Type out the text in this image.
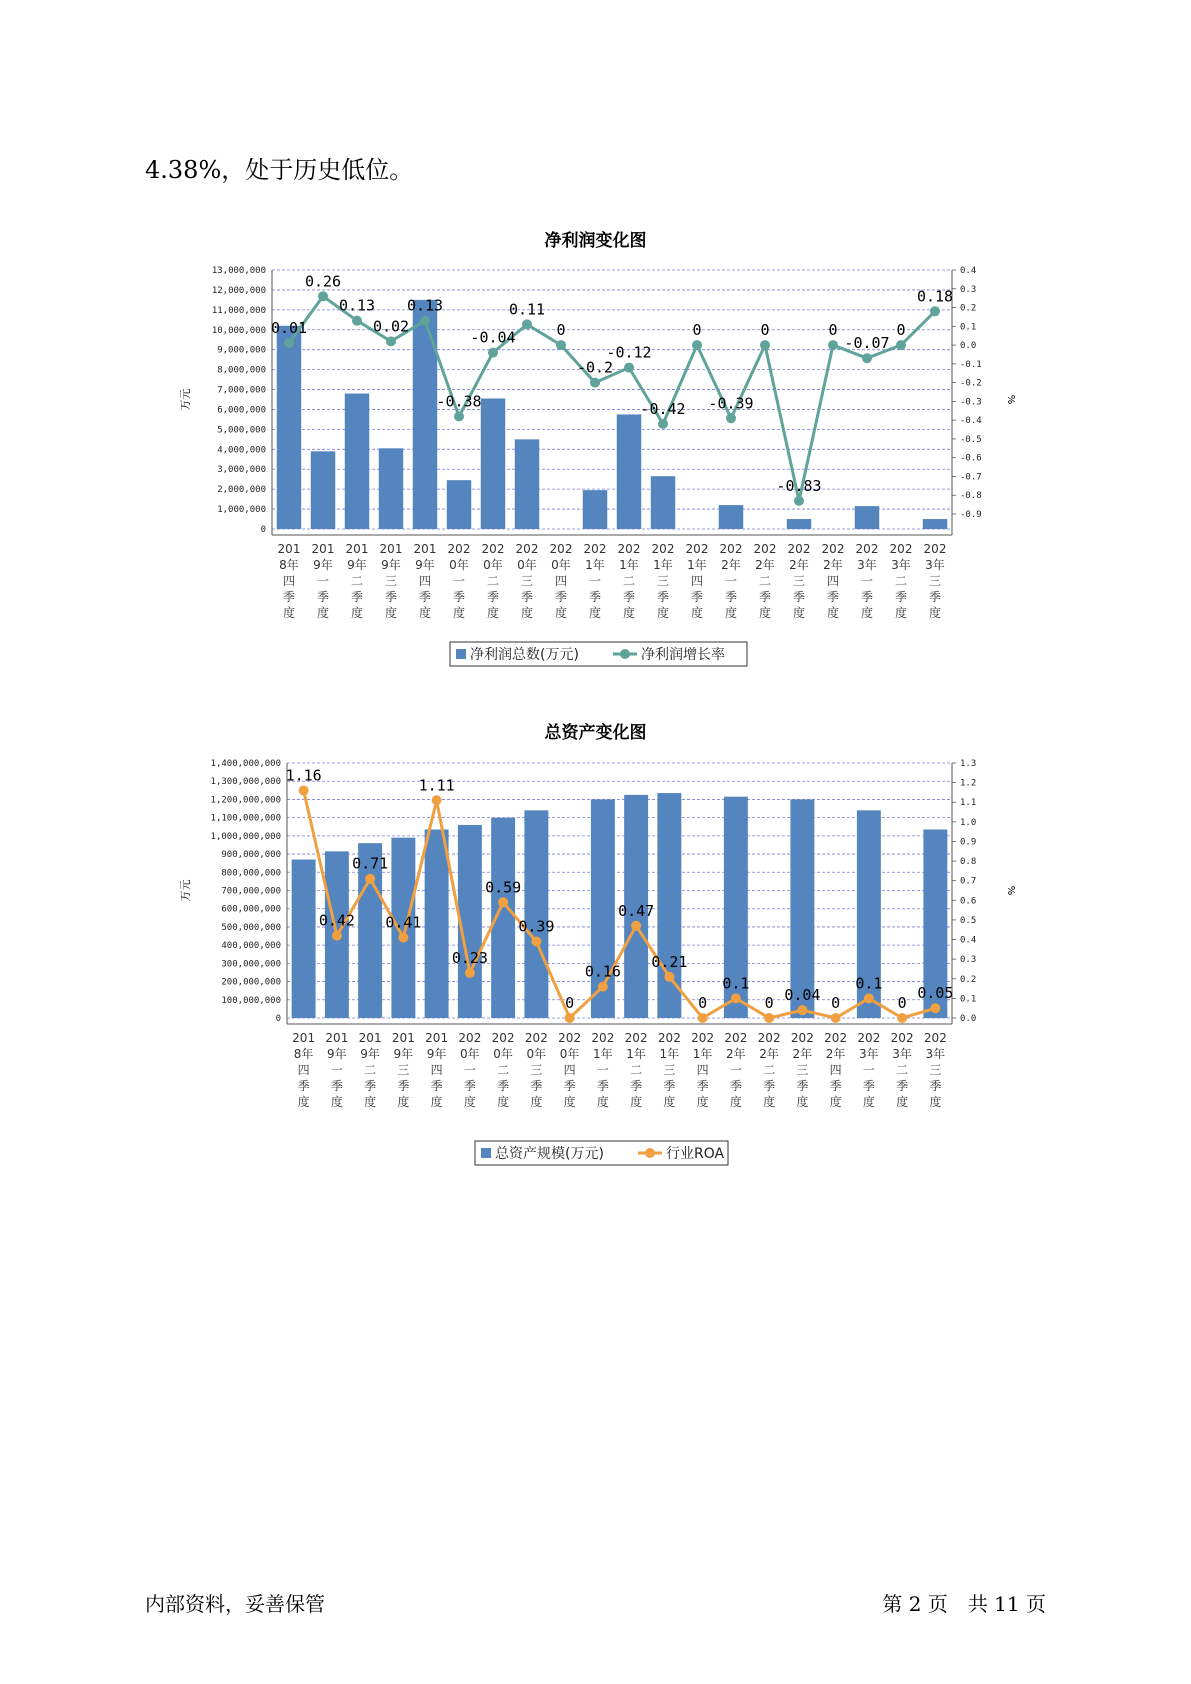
4.38%，处于历史低位。
净利润变化图
0
1,000,000
2,000,000
3,000,000
4,000,000
5,000,000
6,000,000
7,000,000
8,000,000
9,000,000
10,000,000
11,000,000
12,000,000
13,000,000	0.4
0.3
0.2
0.1
0.0
-0.1
-0.2
-0.3
-0.4
-0.5
-0.6
-0.7
-0.8
-0.9
万元	%
201
8年
四
季
度
201
9年
一
季
度
201
9年
二
季
度
201
9年
三
季
度
201
9年
四
季
度
202
0年
一
季
度
202
0年
二
季
度
202
0年
三
季
度
202
0年
四
季
度
202
1年
一
季
度
202
1年
二
季
度
202
1年
三
季
度
202
1年
四
季
度
202
2年
一
季
度
202
2年
二
季
度
202
2年
三
季
度
202
2年
四
季
度
202
3年
一
季
度
202
3年
二
季
度
202
3年
三
季
度
0.01
0.26
0.13
0.02
0.13
-0.38
-0.04
0.11
0
-0.2
-0.12
-0.42
0
-0.39
0
-0.83
0
-0.07
0
0.18
净利润总数(万元)	净利润增长率
总资产变化图
0
100,000,000
200,000,000
300,000,000
400,000,000
500,000,000
600,000,000
700,000,000
800,000,000
900,000,000
1,000,000,000
1,100,000,000
1,200,000,000
1,300,000,000
1,400,000,000
0.0
0.1
0.2
0.3
0.4
0.5
0.6
0.7
0.8
0.9
1.0
1.1
1.2
1.3
万元	%
201
8年
四
季
度
201
9年
一
季
度
201
9年
二
季
度
201
9年
三
季
度
201
9年
四
季
度
202
0年
一
季
度
202
0年
二
季
度
202
0年
三
季
度
202
0年
四
季
度
202
1年
一
季
度
202
1年
二
季
度
202
1年
三
季
度
202
1年
四
季
度
202
2年
一
季
度
202
2年
二
季
度
202
2年
三
季
度
202
2年
四
季
度
202
3年
一
季
度
202
3年
二
季
度
202
3年
三
季
度
1.16
0.42
0.71
0.41
1.11
0.23
0.59
0.39
0
0.16
0.47
0.21
0
0.1
0 0.04 0
0.1
0
0.05
总资产规模(万元)	行业ROA
内部资料，妥善保管	第 2 页　共 11 页
